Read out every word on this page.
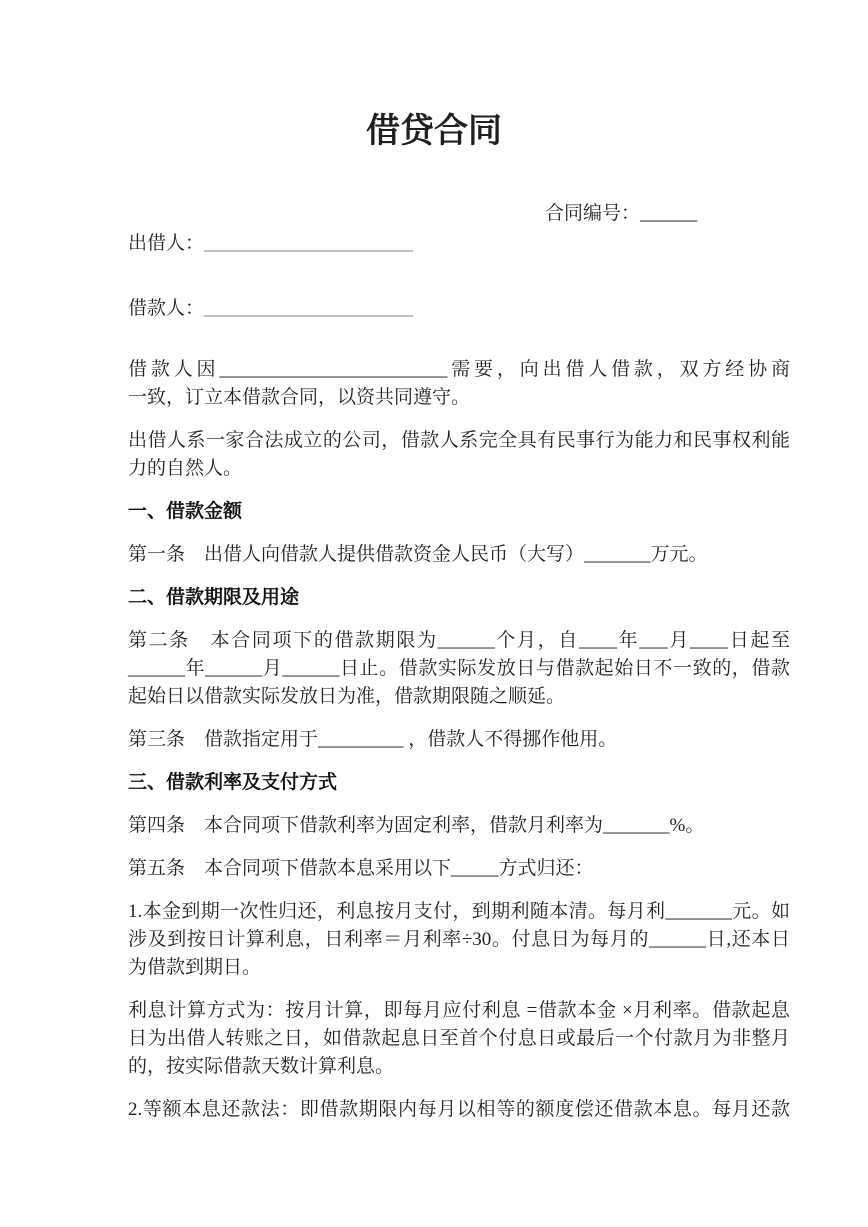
借贷合同
合同编号：______
出借人：______________________
借款人：______________________
借款人因________________________需要，向出借人借款，双方经协商
一致，订立本借款合同，以资共同遵守。
出借人系一家合法成立的公司，借款人系完全具有民事行为能力和民事权利能
力的自然人。
一、借款金额
第一条　出借人向借款人提供借款资金人民币（大写）_______万元。
二、借款期限及用途
第二条　本合同项下的借款期限为______个月，自____年___月____日起至
______年______月______日止。借款实际发放日与借款起始日不一致的，借款
起始日以借款实际发放日为准，借款期限随之顺延。
第三条　借款指定用于_________ ，借款人不得挪作他用。
三、借款利率及支付方式
第四条　本合同项下借款利率为固定利率，借款月利率为_______%。
第五条　本合同项下借款本息采用以下_____方式归还：
1.本金到期一次性归还，利息按月支付，到期利随本清。每月利_______元。如
涉及到按日计算利息，日利率＝月利率÷30。付息日为每月的______日,还本日
为借款到期日。
利息计算方式为：按月计算，即每月应付利息 =借款本金 ×月利率。借款起息
日为出借人转账之日，如借款起息日至首个付息日或最后一个付款月为非整月
的，按实际借款天数计算利息。
2.等额本息还款法：即借款期限内每月以相等的额度偿还借款本息。每月还款
